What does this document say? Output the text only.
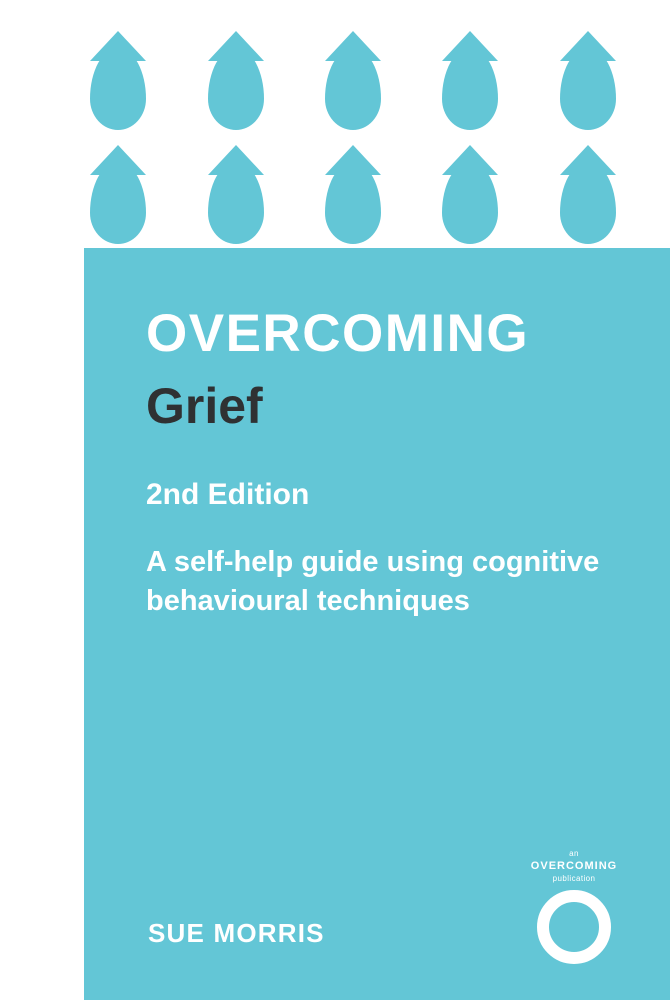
OVERCOMING
Grief
2nd Edition
A self-help guide using cognitive behavioural techniques
SUE MORRIS
an
OVERCOMING
publication
